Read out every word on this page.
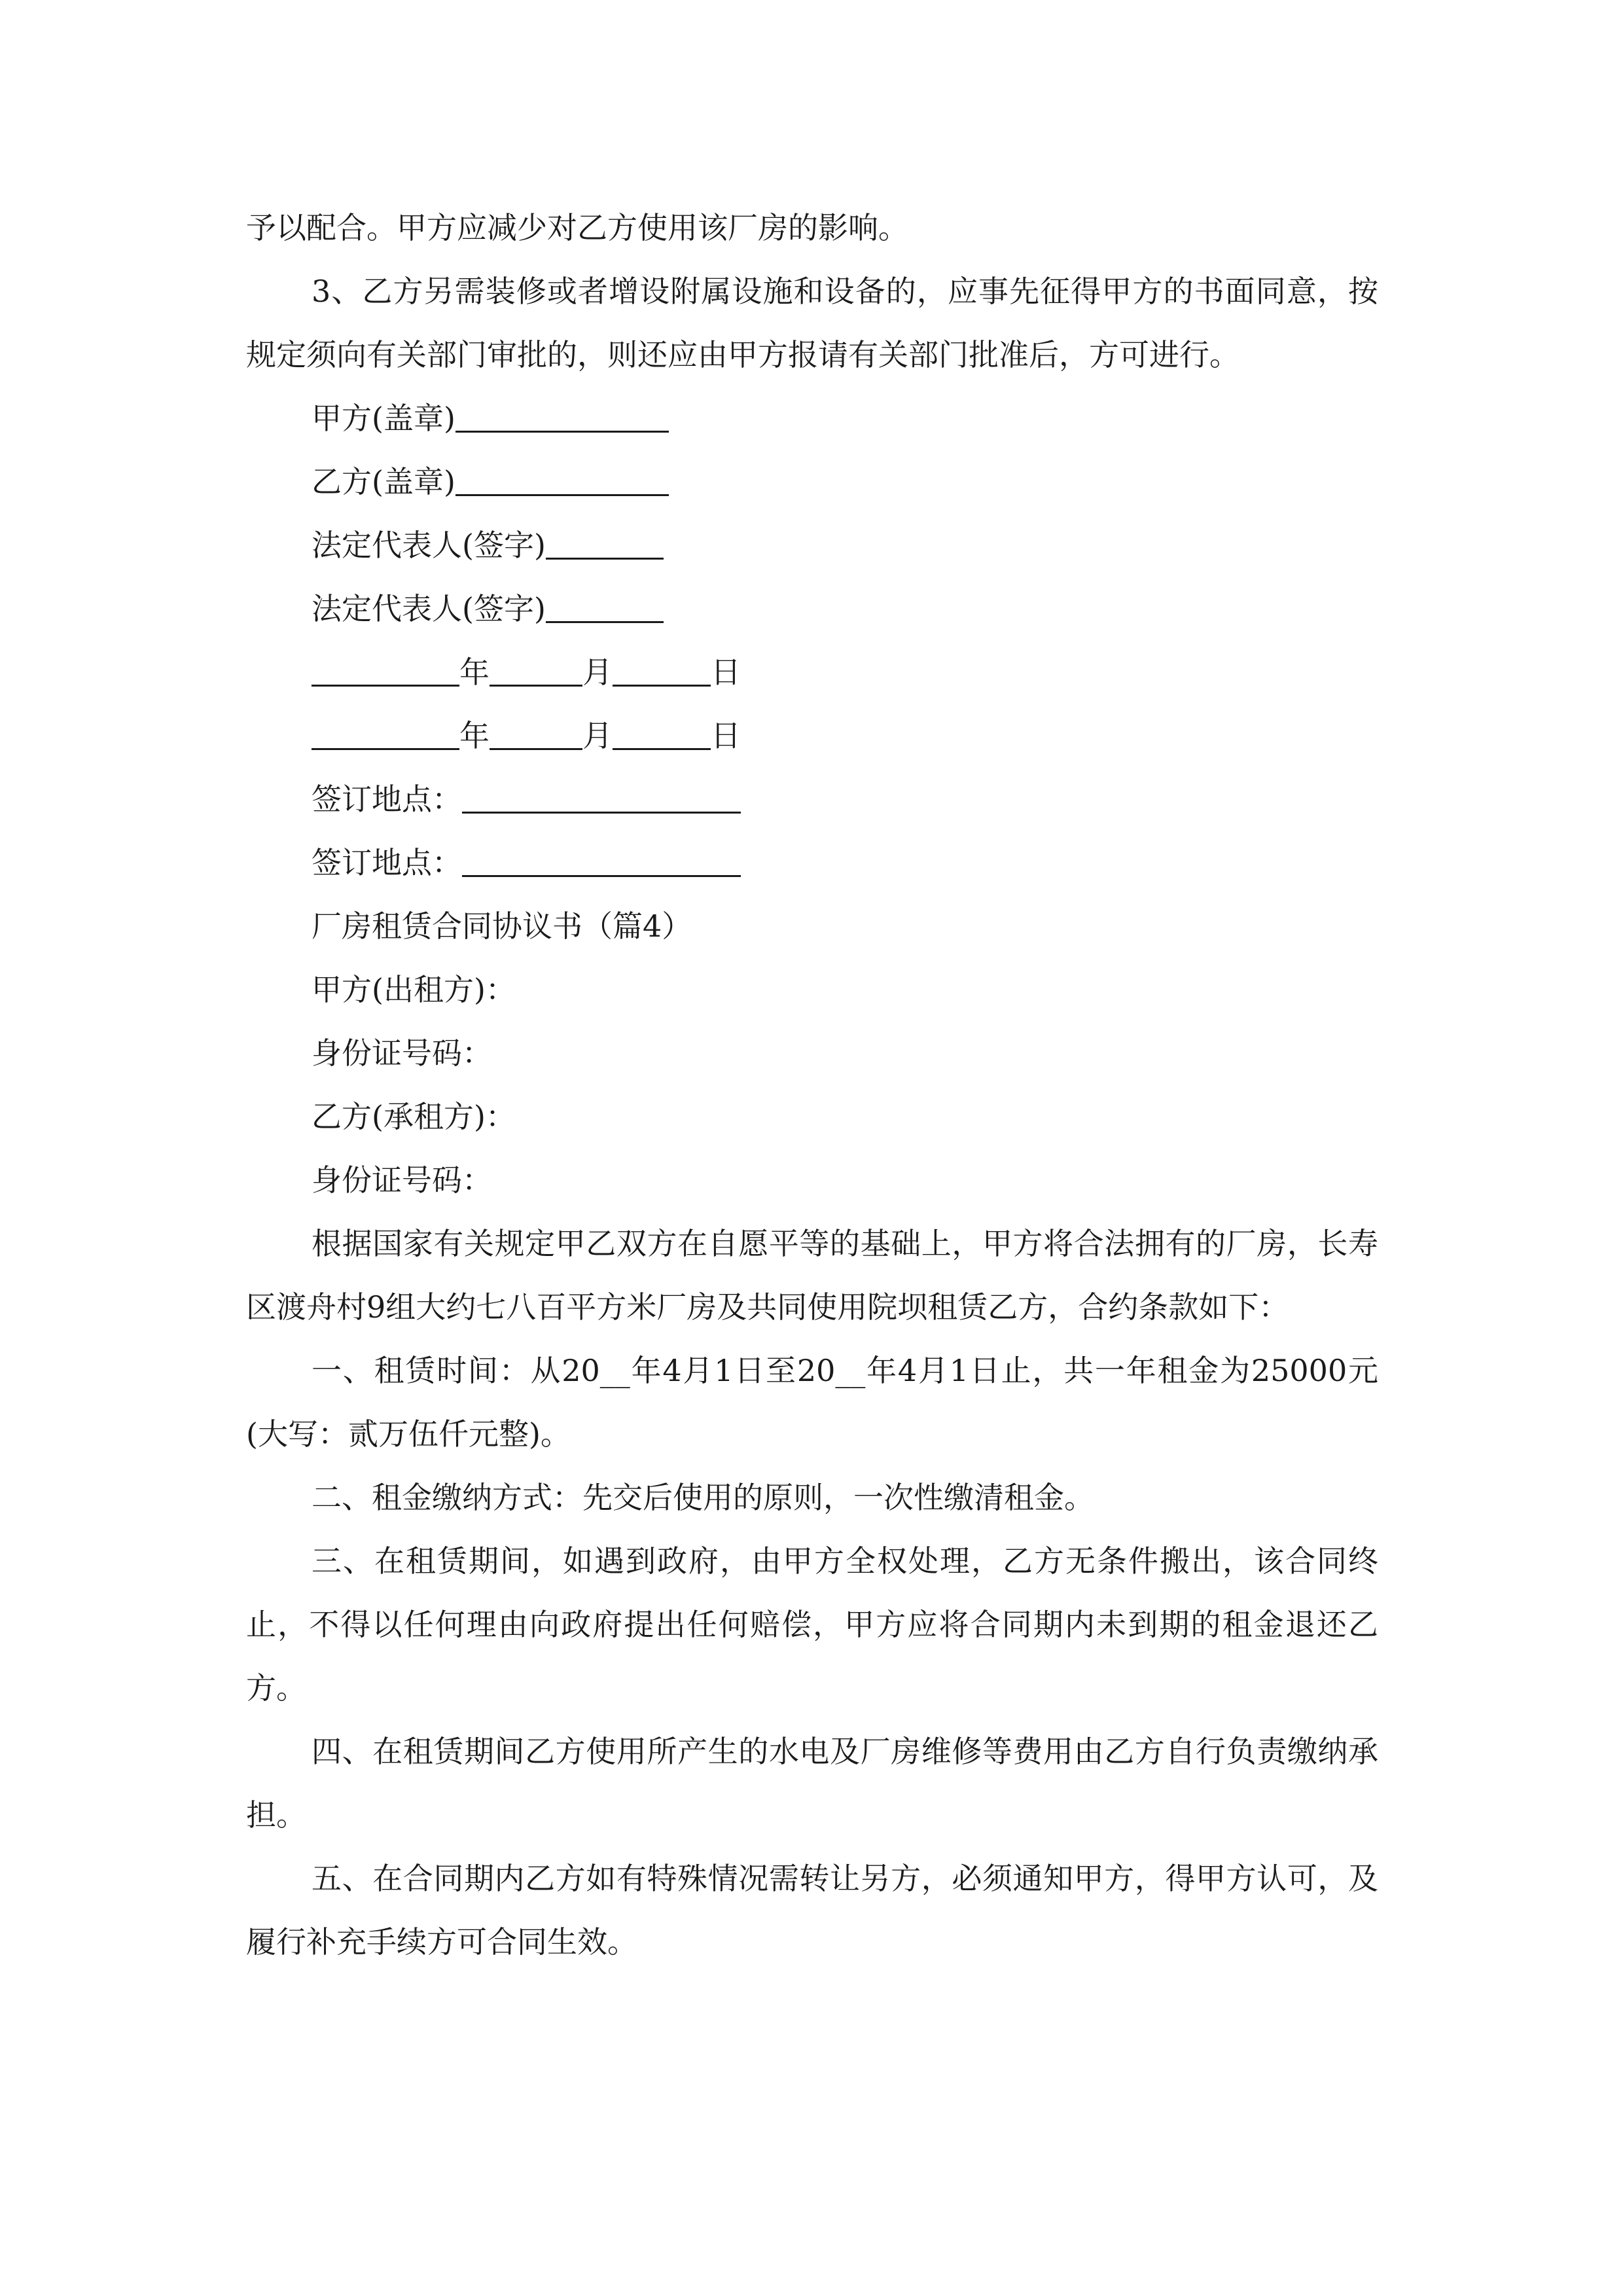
予以配合。甲方应减少对乙方使用该厂房的影响。

3、乙方另需装修或者增设附属设施和设备的，应事先征得甲方的书面同意，按规定须向有关部门审批的，则还应由甲方报请有关部门批准后，方可进行。

甲方(盖章)
乙方(盖章)
法定代表人(签字)
法定代表人(签字)
年	月	日
年	月	日
签订地点：
签订地点：
厂房租赁合同协议书（篇4）
甲方(出租方)：
身份证号码：
乙方(承租方)：
身份证号码：

根据国家有关规定甲乙双方在自愿平等的基础上，甲方将合法拥有的厂房，长寿区渡舟村9组大约七八百平方米厂房及共同使用院坝租赁乙方，合约条款如下：

一、租赁时间：从20__年4月1日至20__年4月1日止，共一年租金为25000元(大写：贰万伍仟元整)。

二、租金缴纳方式：先交后使用的原则，一次性缴清租金。

三、在租赁期间，如遇到政府，由甲方全权处理，乙方无条件搬出，该合同终止，不得以任何理由向政府提出任何赔偿，甲方应将合同期内未到期的租金退还乙方。

四、在租赁期间乙方使用所产生的水电及厂房维修等费用由乙方自行负责缴纳承担。

五、在合同期内乙方如有特殊情况需转让另方，必须通知甲方，得甲方认可，及履行补充手续方可合同生效。
